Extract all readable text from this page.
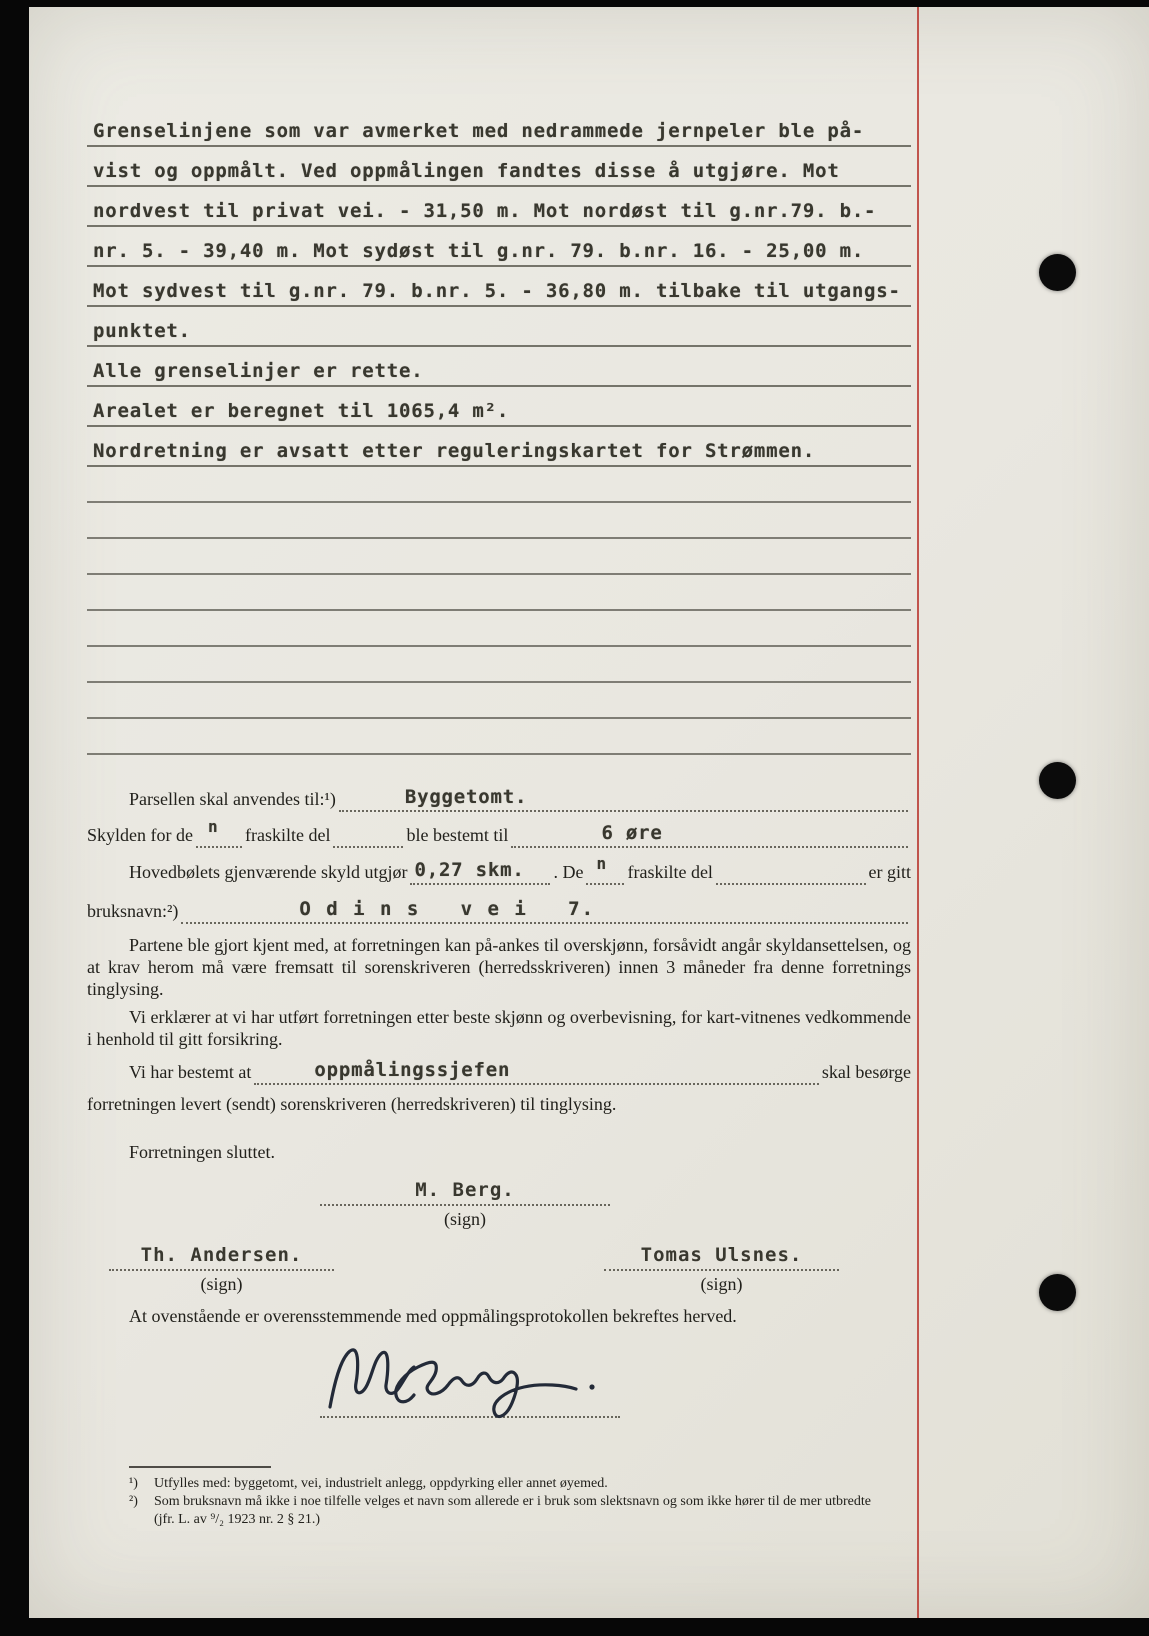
Grenselinjene som var avmerket med nedrammede jernpeler ble på-
vist og oppmålt. Ved oppmålingen fandtes disse å utgjøre. Mot
nordvest til privat vei. - 31,50 m. Mot nordøst til g.nr.79. b.-
nr. 5. - 39,40 m. Mot sydøst til g.nr. 79. b.nr. 16. - 25,00 m.
Mot sydvest til g.nr. 79. b.nr. 5. - 36,80 m. tilbake til utgangs-
punktet.
Alle grenselinjer er rette.
Arealet er beregnet til 1065,4 m².
Nordretning er avsatt etter reguleringskartet for Strømmen.
Parsellen skal anvendes til:¹)	Byggetomt.
Skylden for de n fraskilte del	ble bestemt til	6 øre
Hovedbølets gjenværende skyld utgjør 0,27 skm. . De n fraskilte del	er gitt
bruksnavn:²)	O d i n s   v e i   7.

Partene ble gjort kjent med, at forretningen kan på-ankes til overskjønn, forsåvidt angår skyldansettelsen, og at krav herom må være fremsatt til sorenskriveren (herredsskriveren) innen 3 måneder fra denne forretnings tinglysing.

Vi erklærer at vi har utført forretningen etter beste skjønn og overbevisning, for kart-vitnenes vedkommende i henhold til gitt forsikring.

Vi har bestemt at	oppmålingssjefen	skal besørge

forretningen levert (sendt) sorenskriveren (herredskriveren) til tinglysing.

Forretningen sluttet.

M. Berg.
(sign)
Th. Andersen.
(sign)
Tomas Ulsnes.
(sign)

At ovenstående er overensstemmende med oppmålingsprotokollen bekreftes herved.

¹)	Utfylles med: byggetomt, vei, industrielt anlegg, oppdyrking eller annet øyemed.
²)	Som bruksnavn må ikke i noe tilfelle velges et navn som allerede er i bruk som slektsnavn og som ikke hører til de mer utbredte (jfr. L. av ⁹/₂ 1923 nr. 2 § 21.)
